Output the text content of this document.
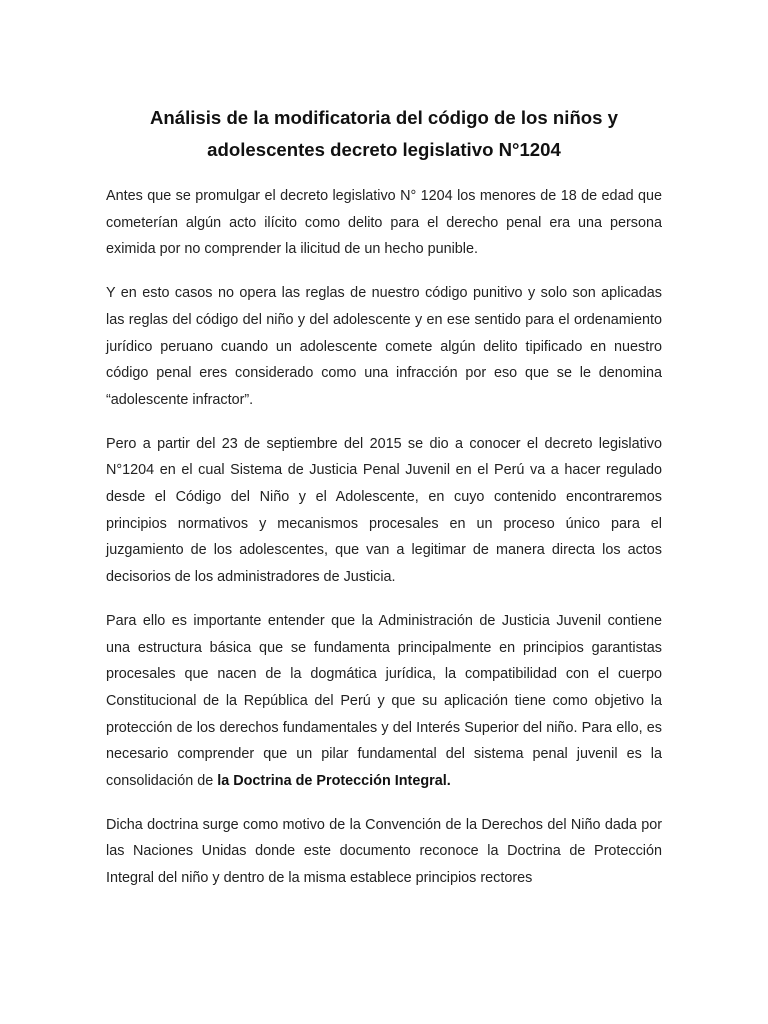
Análisis de la modificatoria del código de los niños y adolescentes decreto legislativo N°1204

Antes que se promulgar el decreto legislativo N° 1204 los menores de 18 de edad que cometerían algún acto ilícito como delito para el derecho penal era una persona eximida por no comprender la ilicitud de un hecho punible.

Y en esto casos no opera las reglas de nuestro código punitivo y solo son aplicadas las reglas del código del niño y del adolescente y en ese sentido para el ordenamiento jurídico peruano cuando un adolescente comete algún delito tipificado en nuestro código penal eres considerado como una infracción por eso que se le denomina “adolescente infractor”.

Pero a partir del 23 de septiembre del 2015 se dio a conocer el decreto legislativo N°1204 en el cual Sistema de Justicia Penal Juvenil en el Perú va a hacer regulado desde el Código del Niño y el Adolescente, en cuyo contenido encontraremos principios normativos y mecanismos procesales en un proceso único para el juzgamiento de los adolescentes, que van a legitimar de manera directa los actos decisorios de los administradores de Justicia.

Para ello es importante entender que la Administración de Justicia Juvenil contiene una estructura básica que se fundamenta principalmente en principios garantistas procesales que nacen de la dogmática jurídica, la compatibilidad con el cuerpo Constitucional de la República del Perú y que su aplicación tiene como objetivo la protección de los derechos fundamentales y del Interés Superior del niño. Para ello, es necesario comprender que un pilar fundamental del sistema penal juvenil es la consolidación de la Doctrina de Protección Integral.

Dicha doctrina surge como motivo de la Convención de la Derechos del Niño dada por las Naciones Unidas donde este documento reconoce la Doctrina de Protección Integral del niño y dentro de la misma establece principios rectores
